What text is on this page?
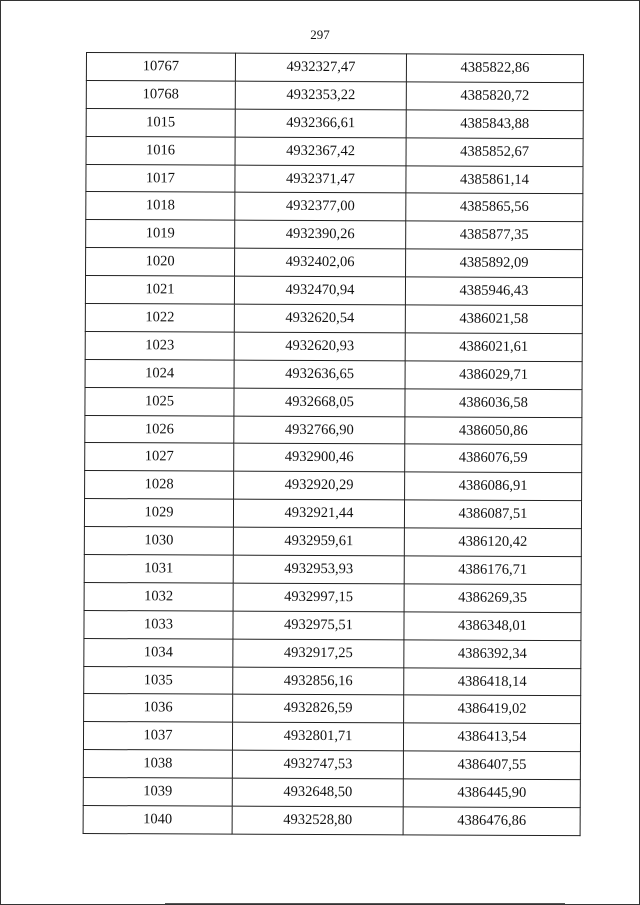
297
10767	4932327,47	4385822,86
10768	4932353,22	4385820,72
1015	4932366,61	4385843,88
1016	4932367,42	4385852,67
1017	4932371,47	4385861,14
1018	4932377,00	4385865,56
1019	4932390,26	4385877,35
1020	4932402,06	4385892,09
1021	4932470,94	4385946,43
1022	4932620,54	4386021,58
1023	4932620,93	4386021,61
1024	4932636,65	4386029,71
1025	4932668,05	4386036,58
1026	4932766,90	4386050,86
1027	4932900,46	4386076,59
1028	4932920,29	4386086,91
1029	4932921,44	4386087,51
1030	4932959,61	4386120,42
1031	4932953,93	4386176,71
1032	4932997,15	4386269,35
1033	4932975,51	4386348,01
1034	4932917,25	4386392,34
1035	4932856,16	4386418,14
1036	4932826,59	4386419,02
1037	4932801,71	4386413,54
1038	4932747,53	4386407,55
1039	4932648,50	4386445,90
1040	4932528,80	4386476,86
